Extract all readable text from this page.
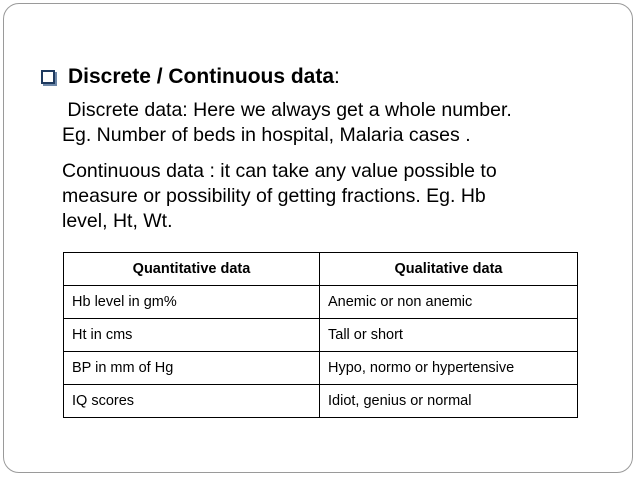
Discrete / Continuous data :
Discrete data: Here we always get a whole number.
Eg. Number of beds in hospital, Malaria cases .
Continuous data : it can take any value possible to
measure or possibility of getting fractions. Eg. Hb
level, Ht, Wt.
Quantitative data	Qualitative data
Hb level in gm%	Anemic or non anemic
Ht in cms	Tall or short
BP in mm of Hg	Hypo, normo or hypertensive
IQ scores	Idiot, genius or normal
